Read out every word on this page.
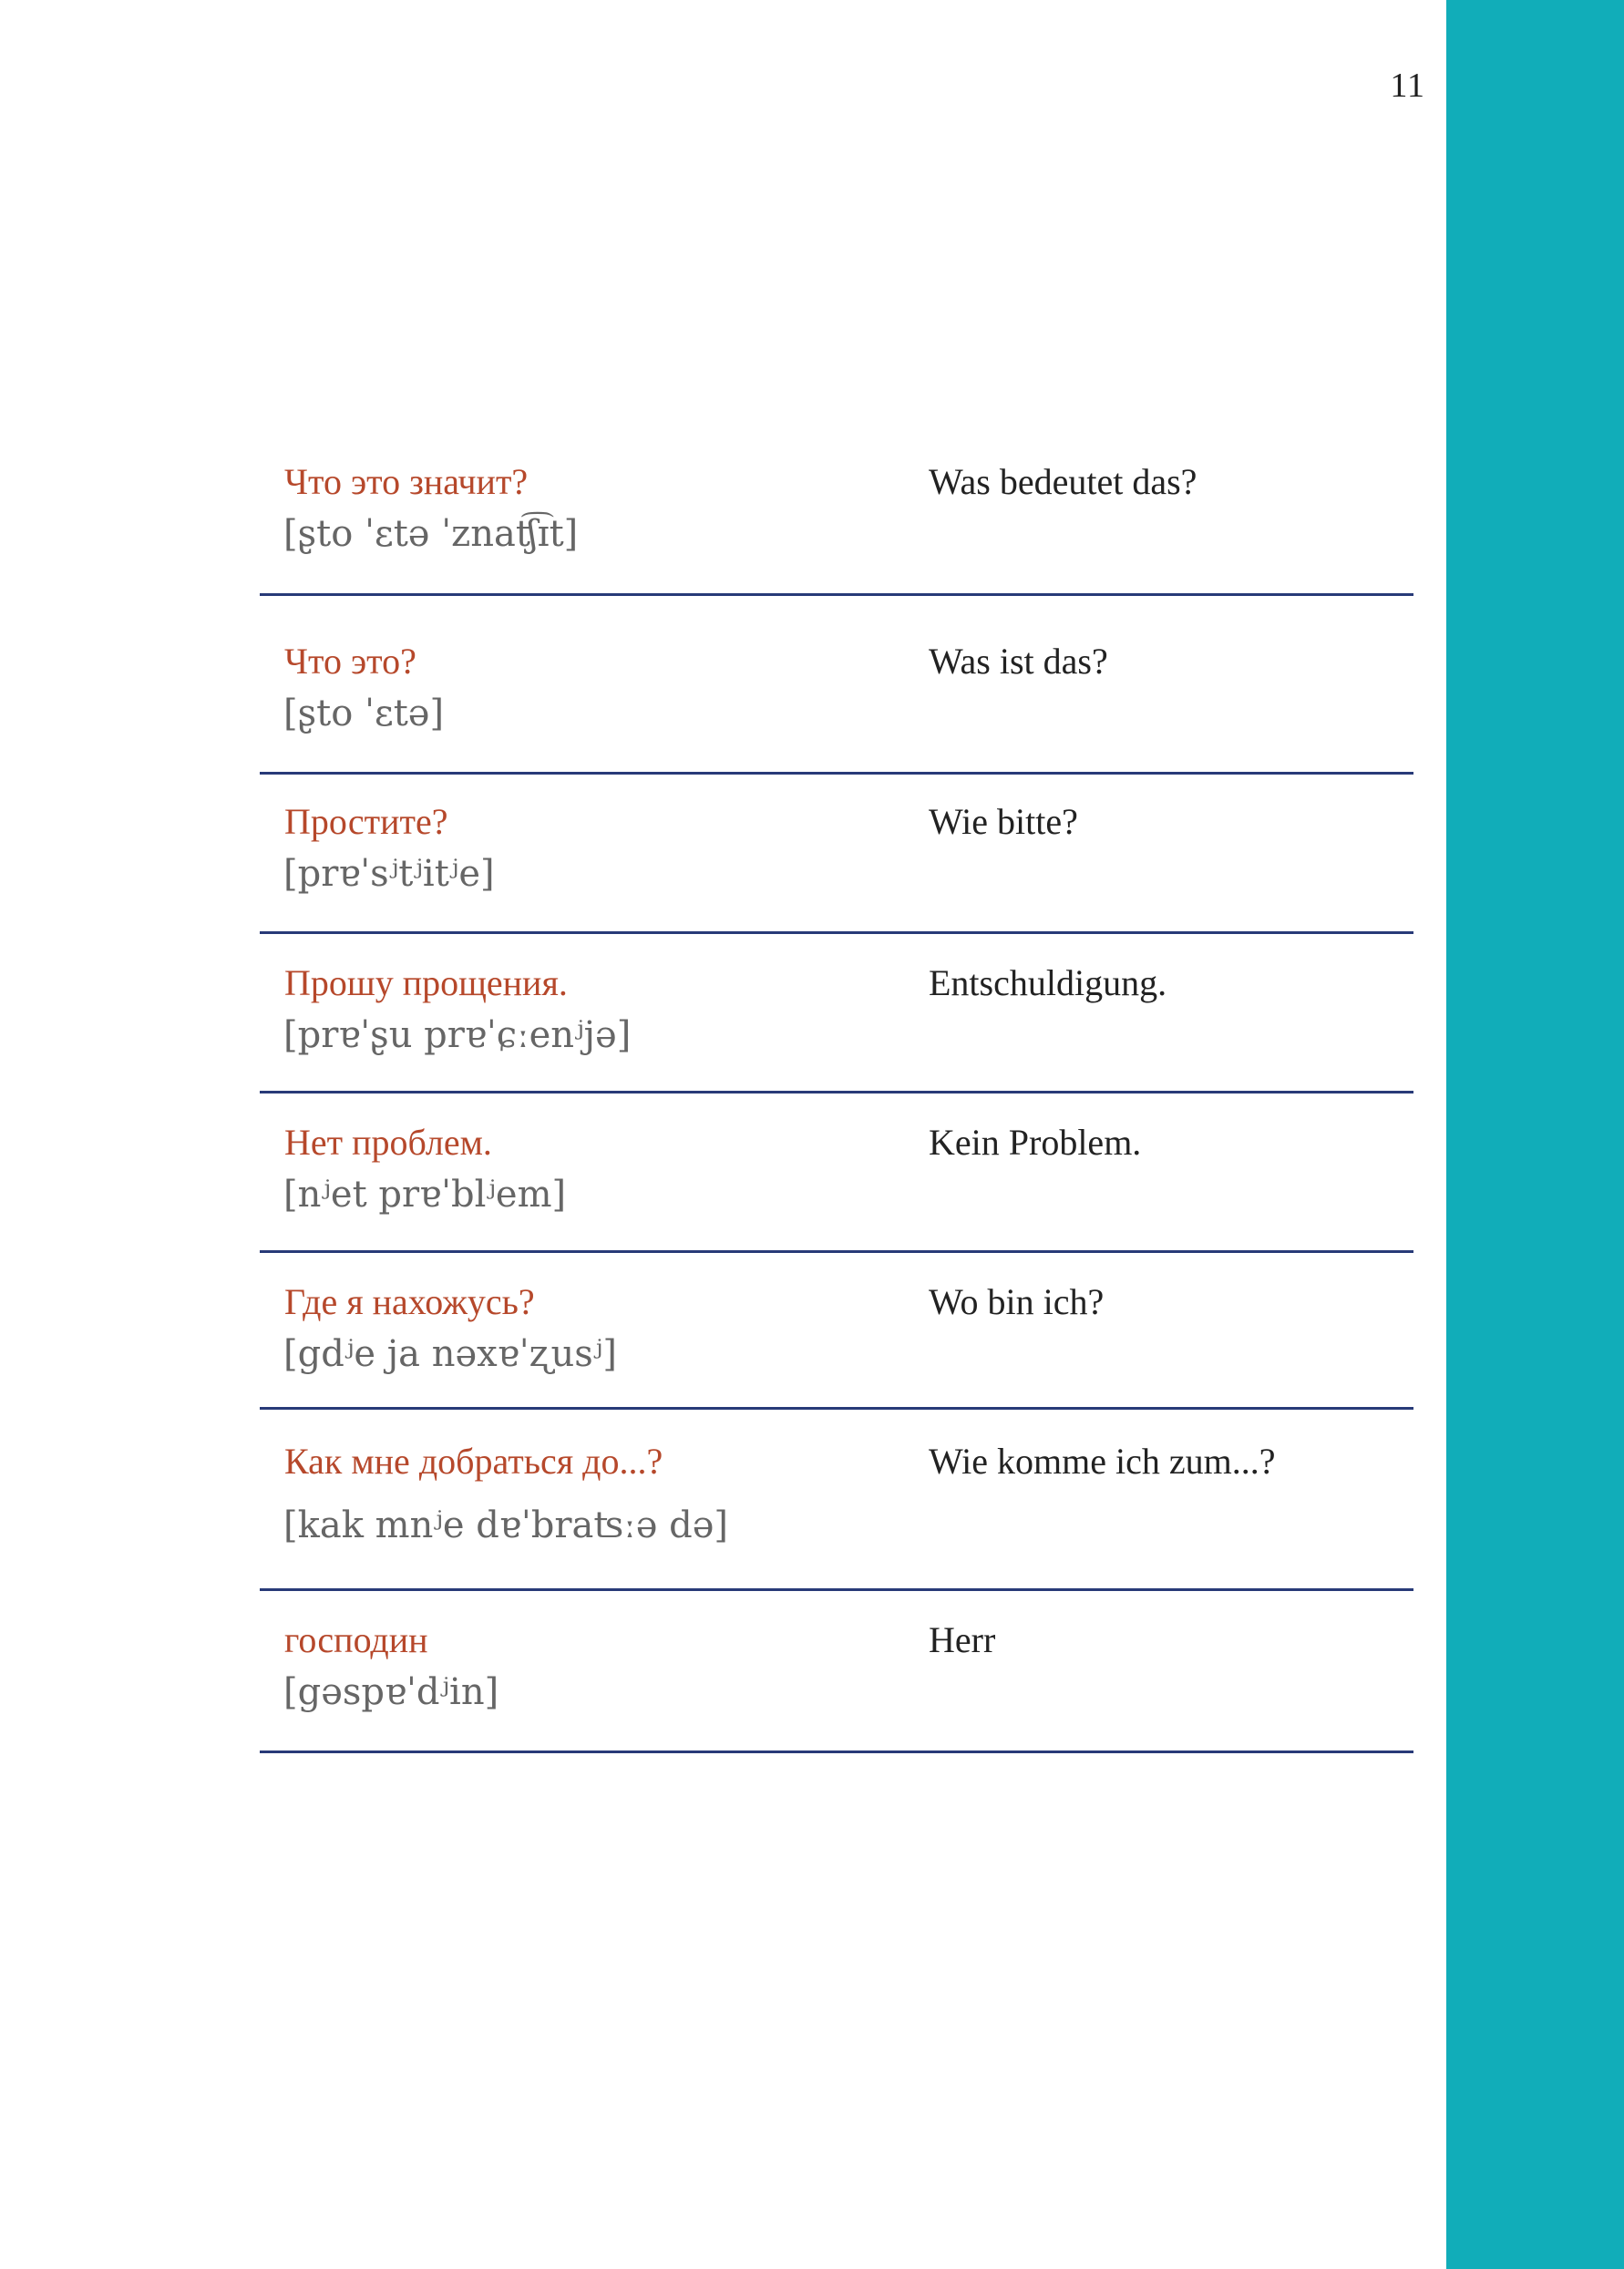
11
Что это значит?
[ʂto ˈɛtə ˈznaʧ͡ɪt]
Was bedeutet das?
Что это?
[ʂto ˈɛtə]
Was ist das?
Простите?
[prɐˈsʲtʲitʲe]
Wie bitte?
Прошу прощения.
[prɐˈʂu prɐˈɕːenʲjə]
Entschuldigung.
Нет проблем.
[nʲet prɐˈblʲem]
Kein Problem.
Где я нахожусь?
[gdʲe ja nəxɐˈʐusʲ]
Wo bin ich?
Как мне добраться до...?
[kak mnʲe dɐˈbraʦːə də]
Wie komme ich zum...?
господин
[gəspɐˈdʲin]
Herr
